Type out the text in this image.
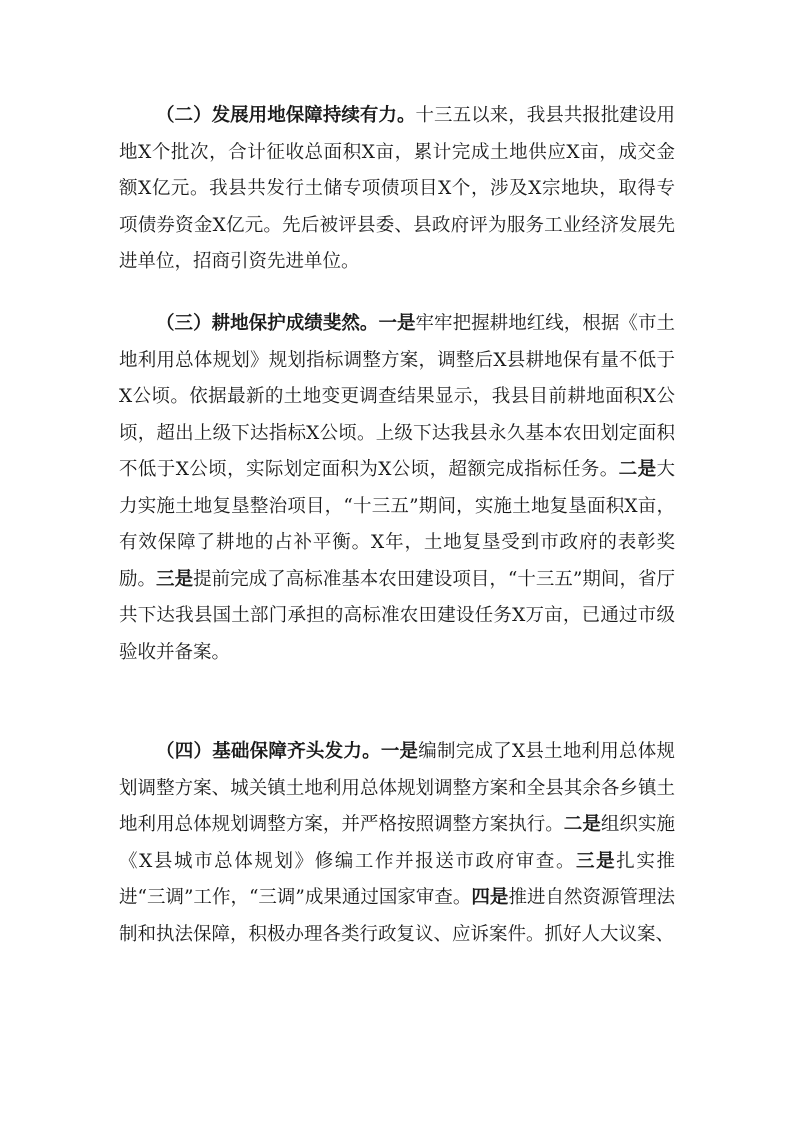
（二）发展用地保障持续有力。十三五以来，我县共报批建设用地X个批次，合计征收总面积X亩，累计完成土地供应X亩，成交金额X亿元。我县共发行土储专项债项目X个，涉及X宗地块，取得专项债券资金X亿元。先后被评县委、县政府评为服务工业经济发展先进单位，招商引资先进单位。

（三）耕地保护成绩斐然。一是牢牢把握耕地红线，根据《市土地利用总体规划》规划指标调整方案，调整后X县耕地保有量不低于X公顷。依据最新的土地变更调查结果显示，我县目前耕地面积X公顷，超出上级下达指标X公顷。上级下达我县永久基本农田划定面积不低于X公顷，实际划定面积为X公顷，超额完成指标任务。二是大力实施土地复垦整治项目，“十三五”期间，实施土地复垦面积X亩，有效保障了耕地的占补平衡。X年，土地复垦受到市政府的表彰奖励。三是提前完成了高标准基本农田建设项目，“十三五”期间，省厅共下达我县国土部门承担的高标准农田建设任务X万亩，已通过市级验收并备案。

（四）基础保障齐头发力。一是编制完成了X县土地利用总体规划调整方案、城关镇土地利用总体规划调整方案和全县其余各乡镇土地利用总体规划调整方案，并严格按照调整方案执行。二是组织实施《X县城市总体规划》修编工作并报送市政府审查。三是扎实推进“三调”工作，“三调”成果通过国家审查。四是推进自然资源管理法制和执法保障，积极办理各类行政复议、应诉案件。抓好人大议案、
